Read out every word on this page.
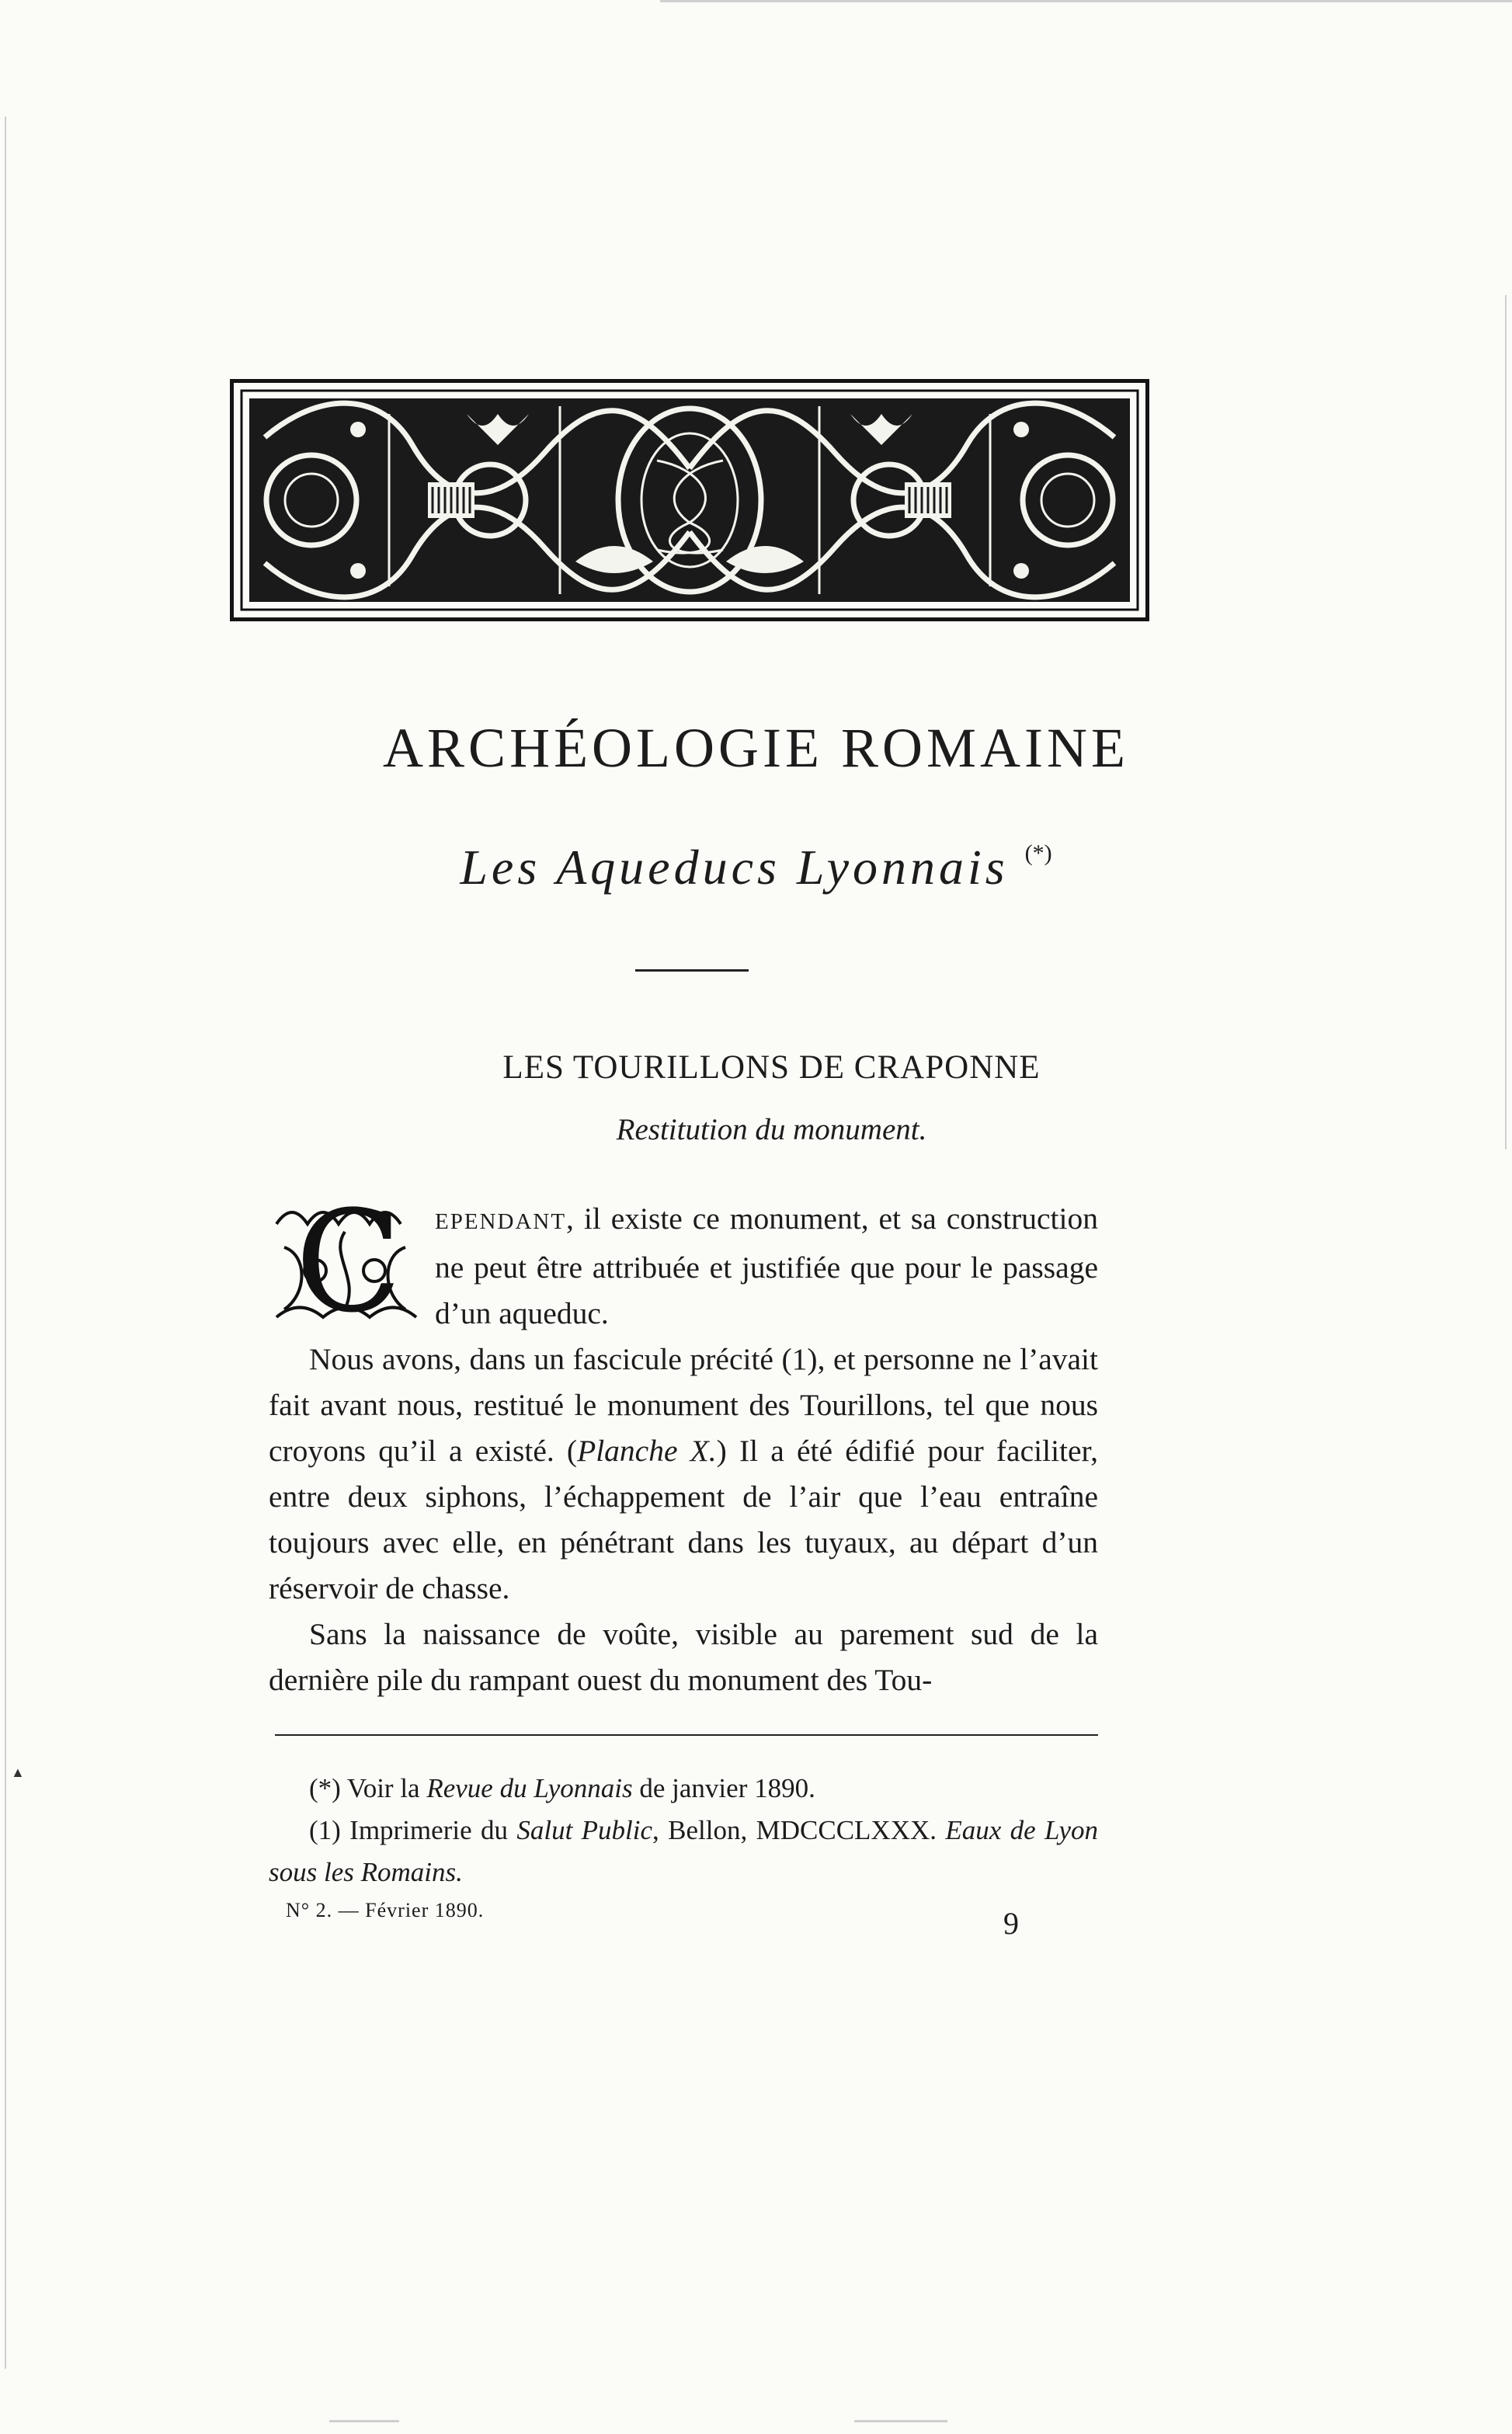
▲
ARCHÉOLOGIE ROMAINE
Les Aqueducs Lyonnais (*)
LES TOURILLONS DE CRAPONNE
Restitution du monument.

C EPENDANT, il existe ce monument, et sa construction ne peut être attribuée et justifiée que pour le passage d’un aqueduc.

Nous avons, dans un fascicule précité (1), et personne ne l’avait fait avant nous, restitué le monument des Tourillons, tel que nous croyons qu’il a existé. (Planche X.) Il a été édifié pour faciliter, entre deux siphons, l’échappement de l’air que l’eau entraîne toujours avec elle, en pénétrant dans les tuyaux, au départ d’un réservoir de chasse.

Sans la naissance de voûte, visible au parement sud de la dernière pile du rampant ouest du monument des Tou-

(*) Voir la Revue du Lyonnais de janvier 1890.

(1) Imprimerie du Salut Public, Bellon, MDCCCLXXX. Eaux de Lyon sous les Romains.

N° 2. — Février 1890.	9
